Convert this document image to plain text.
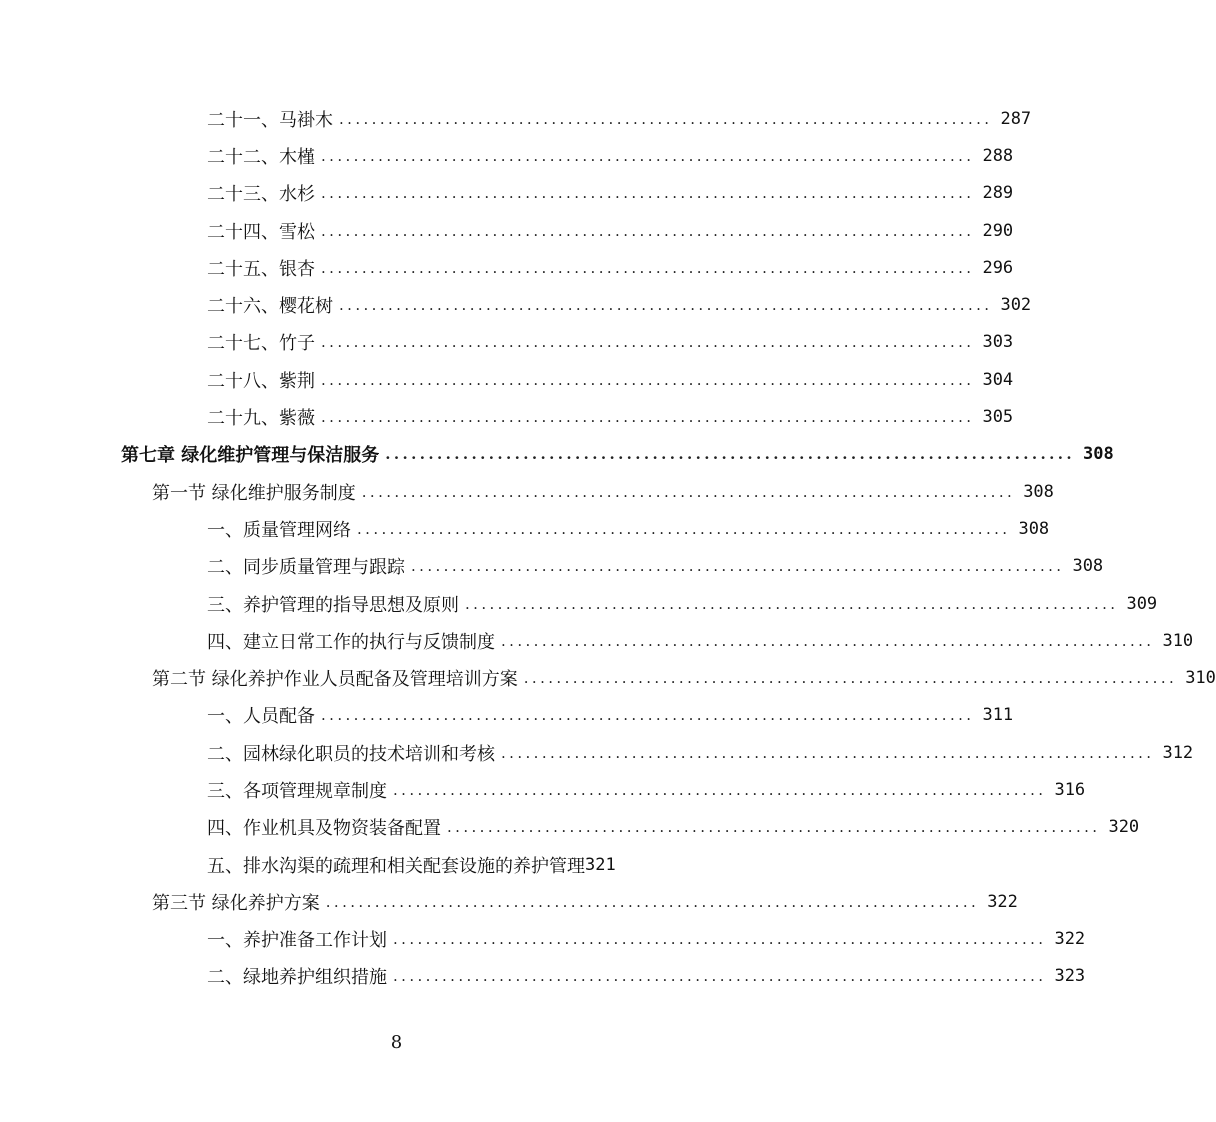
二十一、马褂木 ................................................................................ 287
二十二、木槿 ................................................................................ 288
二十三、水杉 ................................................................................ 289
二十四、雪松 ................................................................................ 290
二十五、银杏 ................................................................................ 296
二十六、樱花树 ................................................................................ 302
二十七、竹子 ................................................................................ 303
二十八、紫荆 ................................................................................ 304
二十九、紫薇 ................................................................................ 305
第七章 绿化维护管理与保洁服务 ................................................................................ 308
第一节 绿化维护服务制度 ................................................................................ 308
一、质量管理网络 ................................................................................ 308
二、同步质量管理与跟踪 ................................................................................ 308
三、养护管理的指导思想及原则 ................................................................................ 309
四、建立日常工作的执行与反馈制度 ................................................................................ 310
第二节 绿化养护作业人员配备及管理培训方案 ................................................................................ 310
一、人员配备 ................................................................................ 311
二、园林绿化职员的技术培训和考核 ................................................................................ 312
三、各项管理规章制度 ................................................................................ 316
四、作业机具及物资装备配置 ................................................................................ 320
五、排水沟渠的疏理和相关配套设施的养护管理 321
第三节 绿化养护方案 ................................................................................ 322
一、养护准备工作计划 ................................................................................ 322
二、绿地养护组织措施 ................................................................................ 323
8
